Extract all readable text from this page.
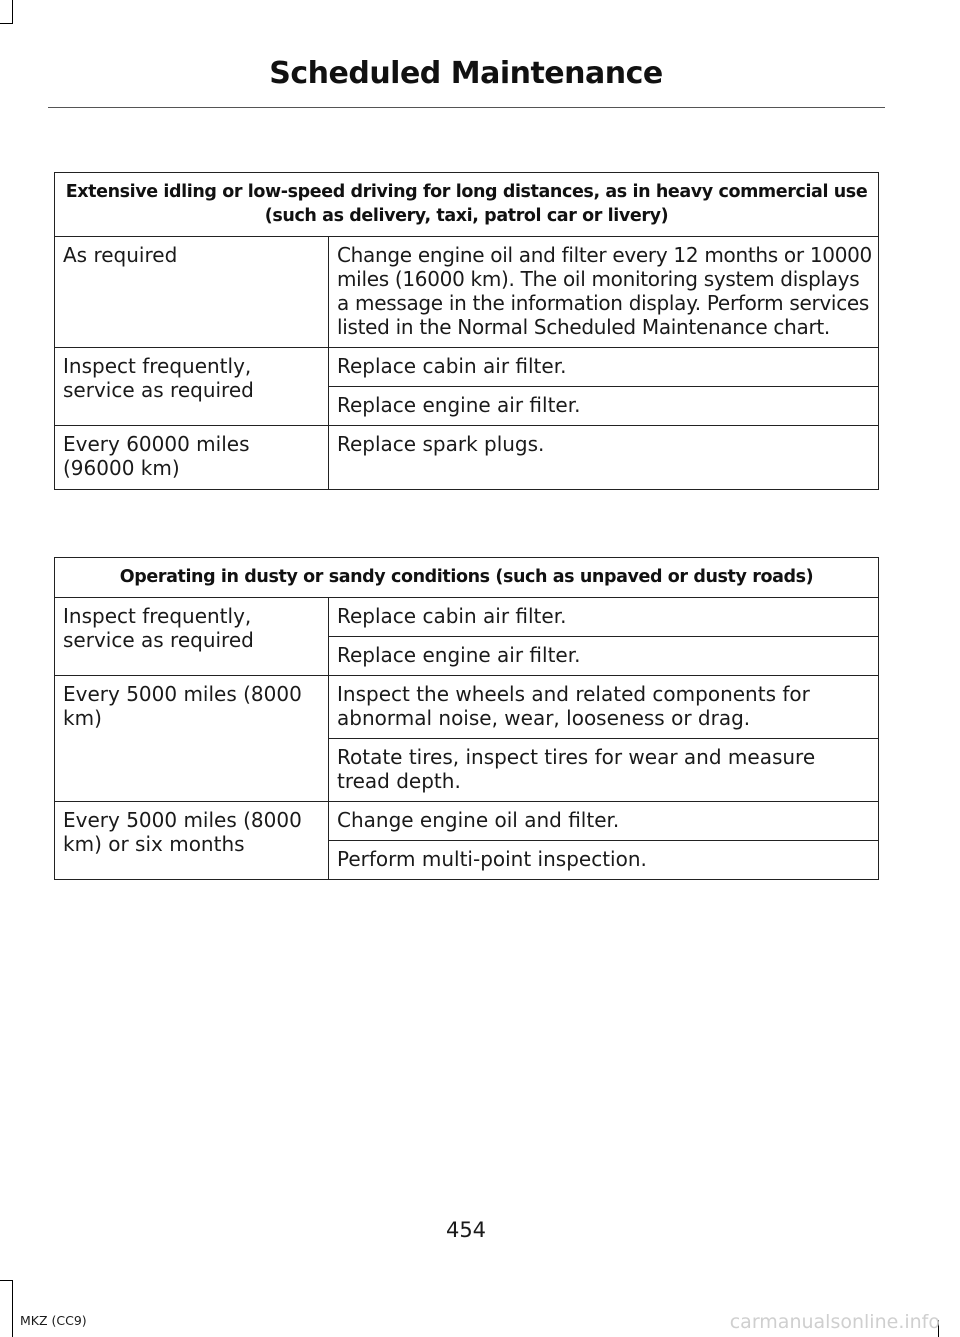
Scheduled Maintenance
Extensive idling or low-speed driving for long distances, as in heavy commercial use (such as delivery, taxi, patrol car or livery)	
As required	Change engine oil and filter every 12 months or 10000 miles (16000 km). The oil monitoring system displays a message in the information display. Perform services listed in the Normal Scheduled Maintenance chart.
Inspect frequently, service as required	Replace cabin air filter.
	Replace engine air filter.
Every 60000 miles (96000 km)	Replace spark plugs.
Operating in dusty or sandy conditions (such as unpaved or dusty roads)	
Inspect frequently, service as required	Replace cabin air filter.
	Replace engine air filter.
Every 5000 miles (8000 km)	Inspect the wheels and related components for abnormal noise, wear, looseness or drag.
	Rotate tires, inspect tires for wear and measure tread depth.
Every 5000 miles (8000 km) or six months	Change engine oil and filter.
	Perform multi-point inspection.
454
MKZ (CC9)	carmanualsonline.info
